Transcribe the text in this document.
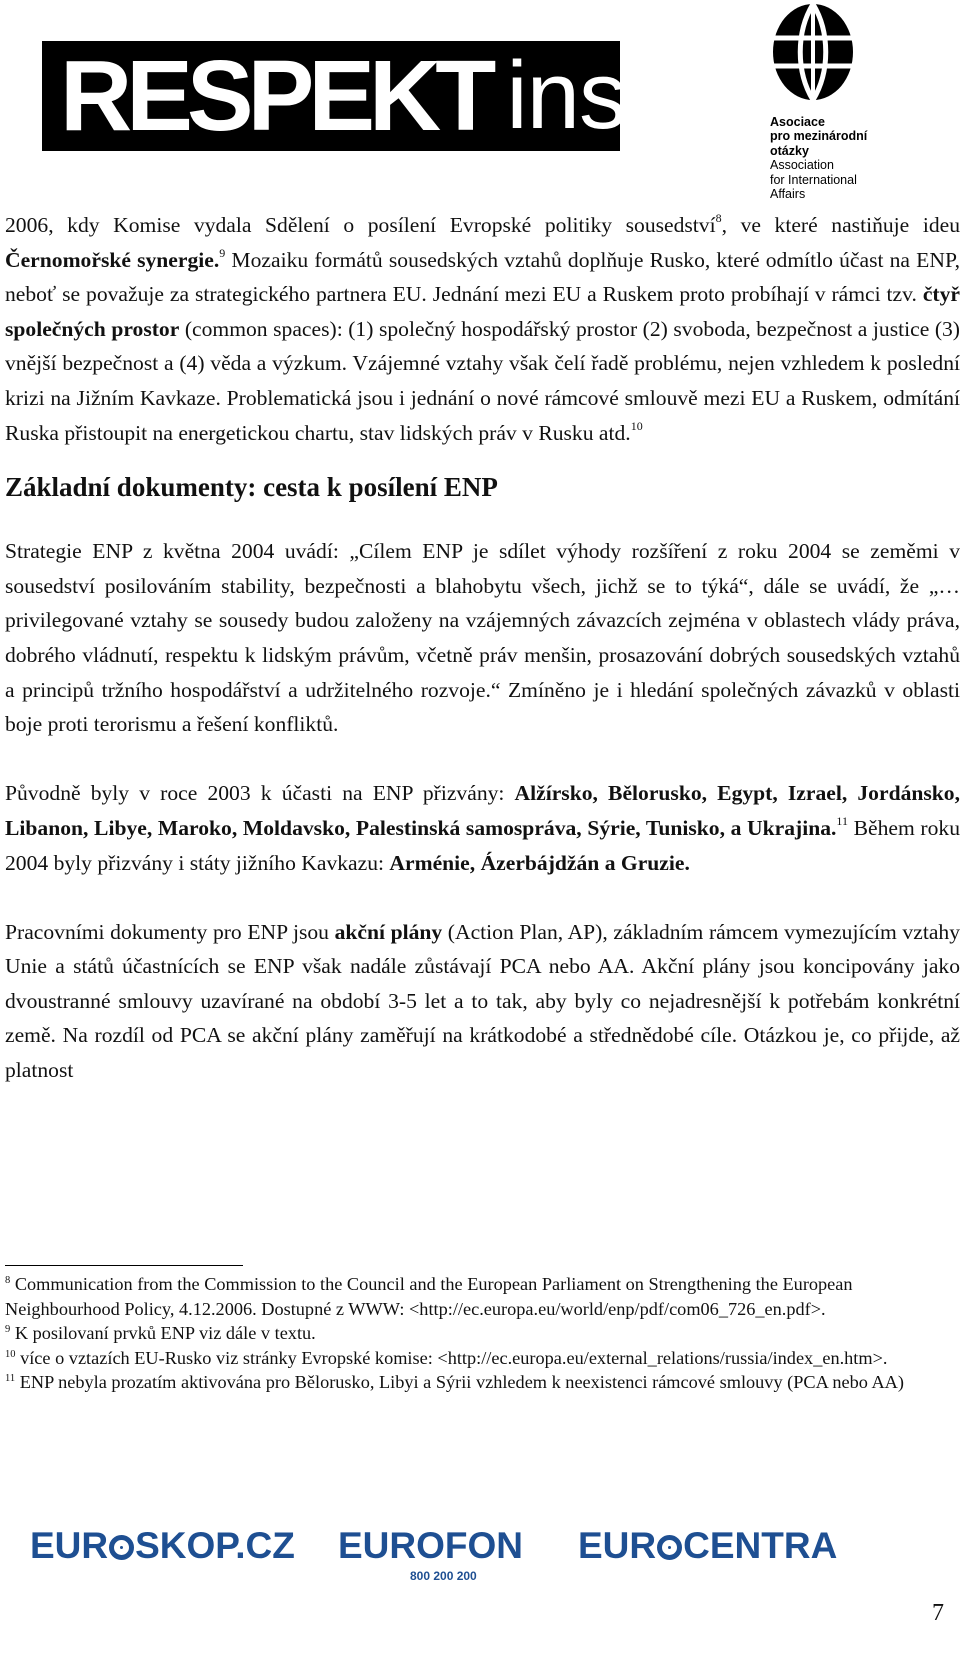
RESPEKT institut
Asociace
pro mezinárodní
otázky
Association
for International
Affairs

2006, kdy Komise vydala Sdělení o posílení Evropské politiky sousedství$^8$, ve které nastiňuje ideu Černomořské synergie.$^9$ Mozaiku formátů sousedských vztahů doplňuje Rusko, které odmítlo účast na ENP, neboť se považuje za strategického partnera EU. Jednání mezi EU a Ruskem proto probíhají v rámci tzv. čtyř společných prostor (common spaces): (1) společný hospodářský prostor (2) svoboda, bezpečnost a justice (3) vnější bezpečnost a (4) věda a výzkum. Vzájemné vztahy však čelí řadě problému, nejen vzhledem k poslední krizi na Jižním Kavkaze. Problematická jsou i jednání o nové rámcové smlouvě mezi EU a Ruskem, odmítání Ruska přistoupit na energetickou chartu, stav lidských práv v Rusku atd.$^{10}$

Základní dokumenty: cesta k posílení ENP

Strategie ENP z května 2004 uvádí: „Cílem ENP je sdílet výhody rozšíření z roku 2004 se zeměmi v sousedství posilováním stability, bezpečnosti a blahobytu všech, jichž se to týká“, dále se uvádí, že „…privilegované vztahy se sousedy budou založeny na vzájemných závazcích zejména v oblastech vlády práva, dobrého vládnutí, respektu k lidským právům, včetně práv menšin, prosazování dobrých sousedských vztahů a principů tržního hospodářství a udržitelného rozvoje.“ Zmíněno je i hledání společných závazků v oblasti boje proti terorismu a řešení konfliktů.

Původně byly v roce 2003 k účasti na ENP přizvány: Alžírsko, Bělorusko, Egypt, Izrael, Jordánsko, Libanon, Libye, Maroko, Moldavsko, Palestinská samospráva, Sýrie, Tunisko, a Ukrajina.$^{11}$ Během roku 2004 byly přizvány i státy jižního Kavkazu: Arménie, Ázerbájdžán a Gruzie.

Pracovními dokumenty pro ENP jsou akční plány (Action Plan, AP), základním rámcem vymezujícím vztahy Unie a států účastnících se ENP však nadále zůstávají PCA nebo AA. Akční plány jsou koncipovány jako dvoustranné smlouvy uzavírané na období 3-5 let a to tak, aby byly co nejadresnější k potřebám konkrétní země. Na rozdíl od PCA se akční plány zaměřují na krátkodobé a střednědobé cíle. Otázkou je, co přijde, až platnost

$^8$ Communication from the Commission to the Council and the European Parliament on Strengthening the European Neighbourhood Policy, 4.12.2006. Dostupné z WWW: <http://ec.europa.eu/world/enp/pdf/com06_726_en.pdf>.
$^9$ K posilovaní prvků ENP viz dále v textu.
$^{10}$ více o vztazích EU-Rusko viz stránky Evropské komise: <http://ec.europa.eu/external_relations/russia/index_en.htm>.
$^{11}$ ENP nebyla prozatím aktivována pro Bělorusko, Libyi a Sýrii vzhledem k neexistenci rámcové smlouvy (PCA nebo AA)
EUR SKOP.CZ EUROFON
800 200 200
EUR CENTRA
7
